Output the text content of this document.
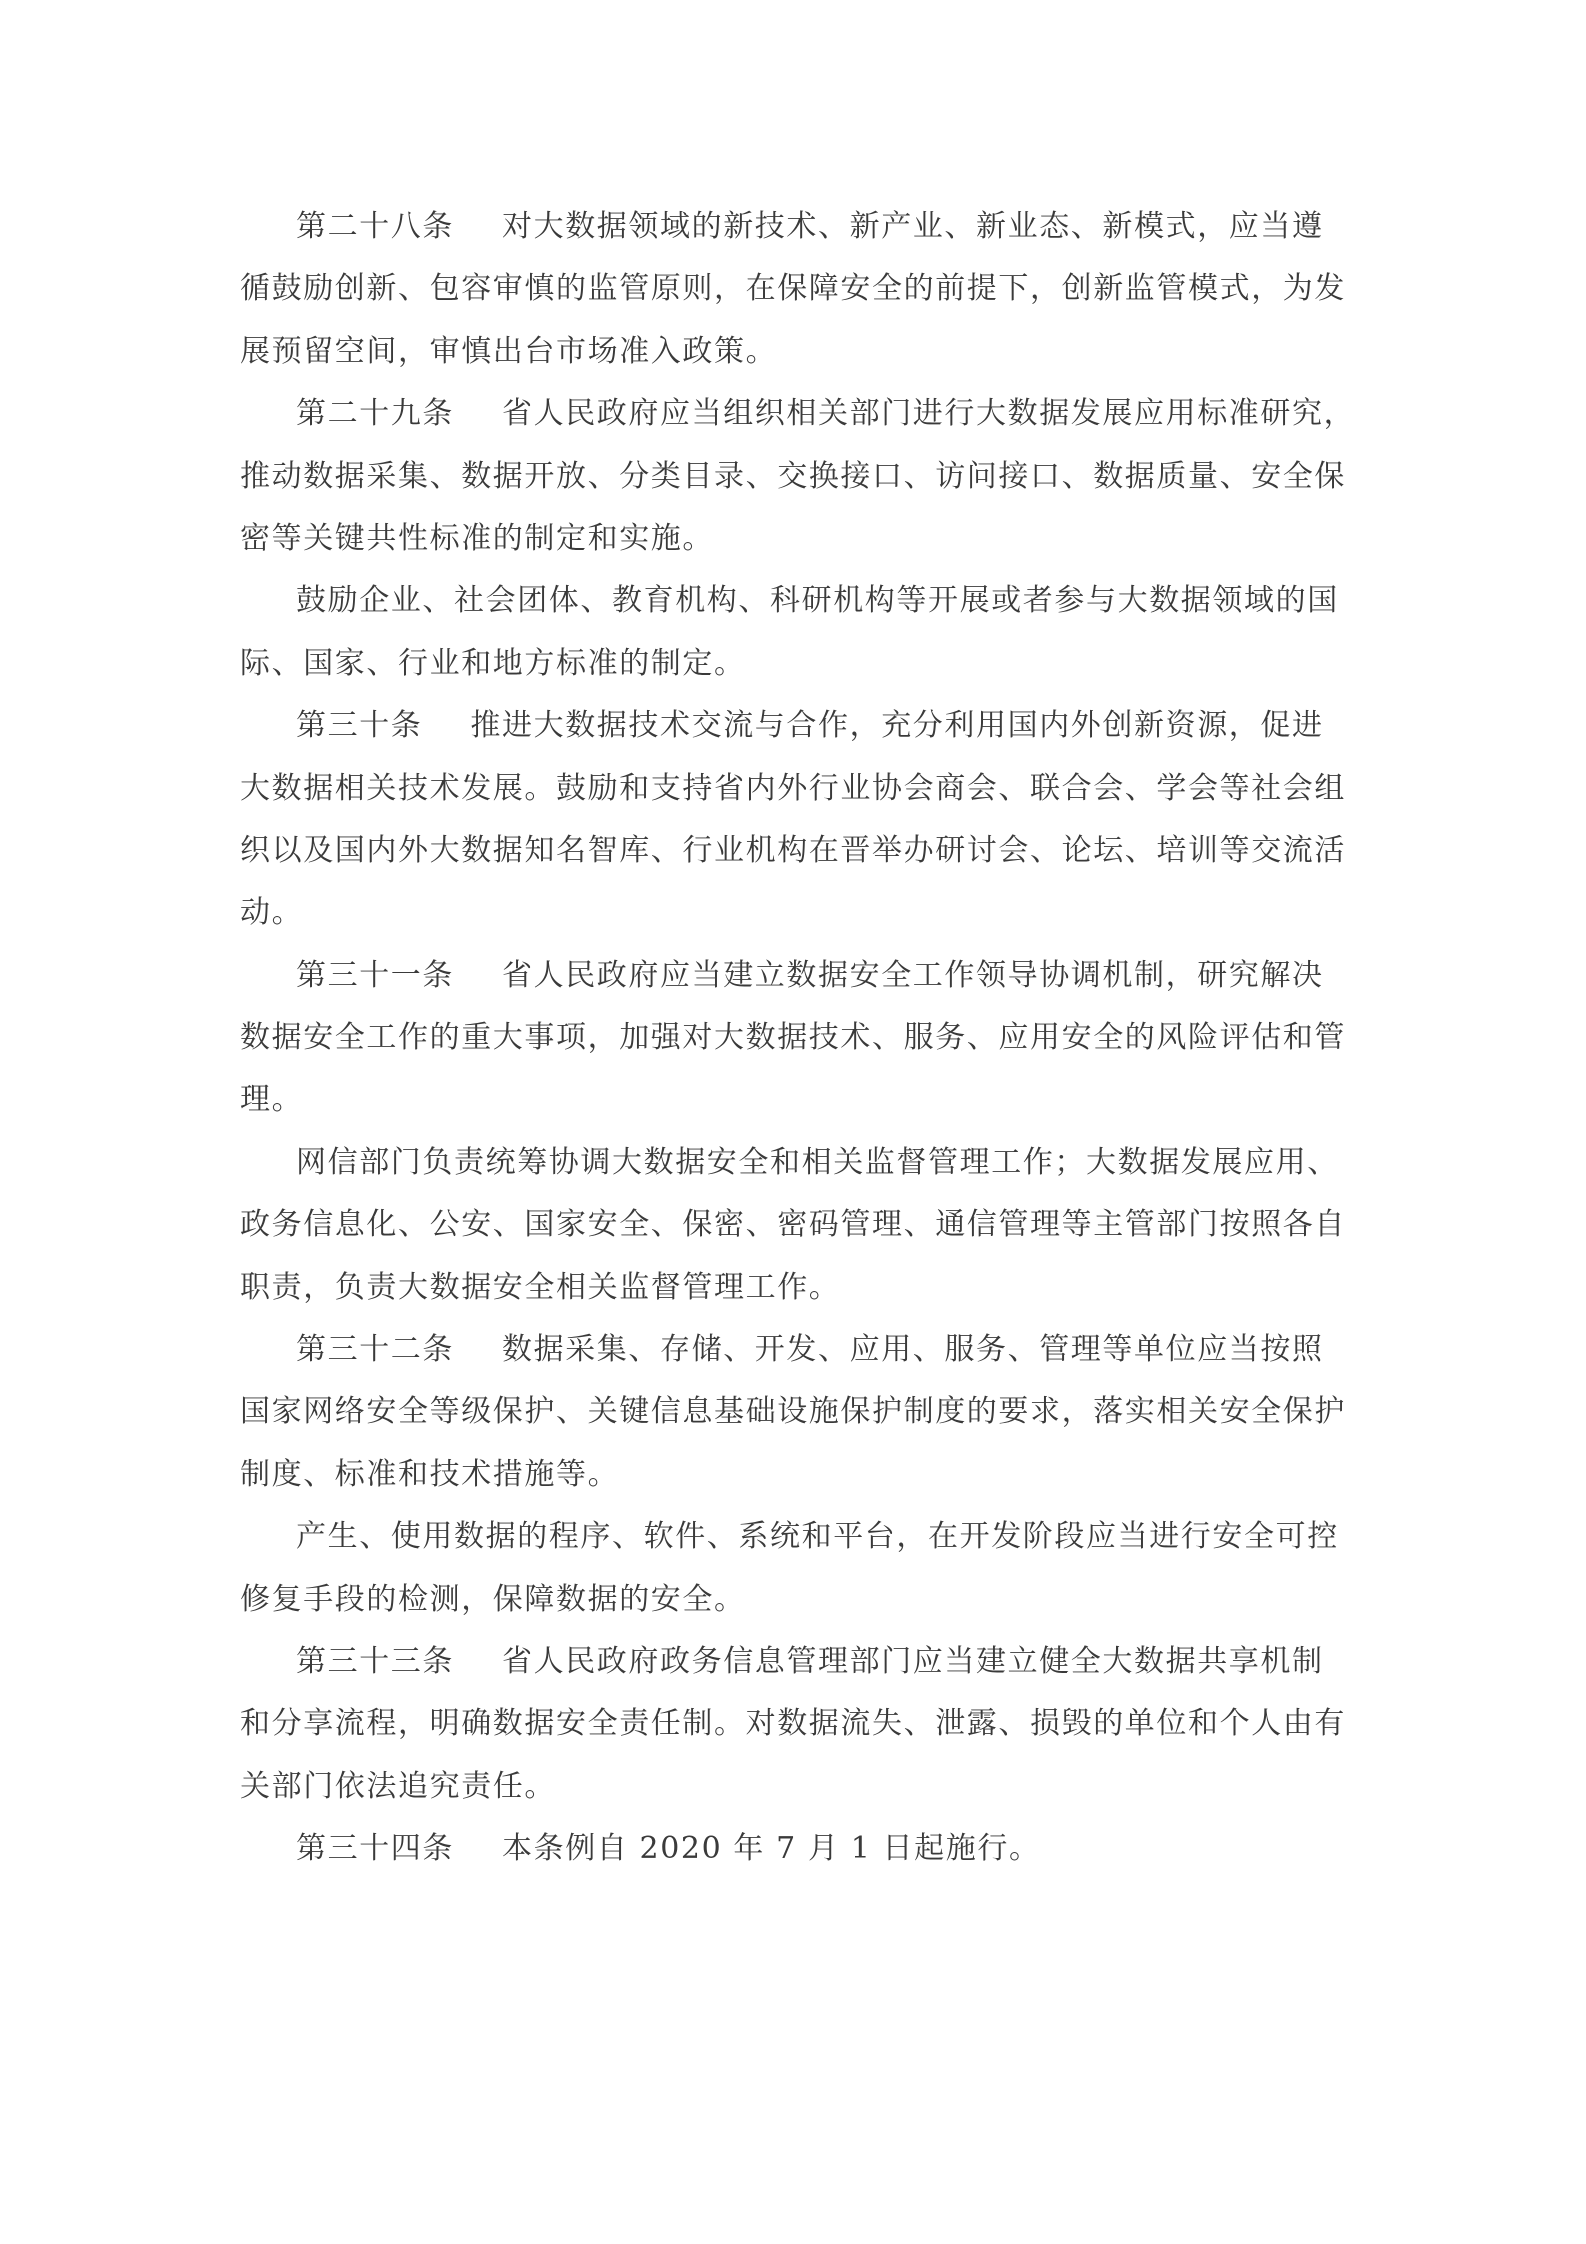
第二十八条 对大数据领域的新技术、新产业、新业态、新模式，应当遵
循鼓励创新、包容审慎的监管原则，在保障安全的前提下，创新监管模式，为发
展预留空间，审慎出台市场准入政策。
第二十九条 省人民政府应当组织相关部门进行大数据发展应用标准研究，
推动数据采集、数据开放、分类目录、交换接口、访问接口、数据质量、安全保
密等关键共性标准的制定和实施。
鼓励企业、社会团体、教育机构、科研机构等开展或者参与大数据领域的国
际、国家、行业和地方标准的制定。
第三十条 推进大数据技术交流与合作，充分利用国内外创新资源，促进
大数据相关技术发展。鼓励和支持省内外行业协会商会、联合会、学会等社会组
织以及国内外大数据知名智库、行业机构在晋举办研讨会、论坛、培训等交流活
动。
第三十一条 省人民政府应当建立数据安全工作领导协调机制，研究解决
数据安全工作的重大事项，加强对大数据技术、服务、应用安全的风险评估和管
理。
网信部门负责统筹协调大数据安全和相关监督管理工作；大数据发展应用、
政务信息化、公安、国家安全、保密、密码管理、通信管理等主管部门按照各自
职责，负责大数据安全相关监督管理工作。
第三十二条 数据采集、存储、开发、应用、服务、管理等单位应当按照
国家网络安全等级保护、关键信息基础设施保护制度的要求，落实相关安全保护
制度、标准和技术措施等。
产生、使用数据的程序、软件、系统和平台，在开发阶段应当进行安全可控
修复手段的检测，保障数据的安全。
第三十三条 省人民政府政务信息管理部门应当建立健全大数据共享机制
和分享流程，明确数据安全责任制。对数据流失、泄露、损毁的单位和个人由有
关部门依法追究责任。
第三十四条 本条例自 2020 年 7 月 1 日起施行。
